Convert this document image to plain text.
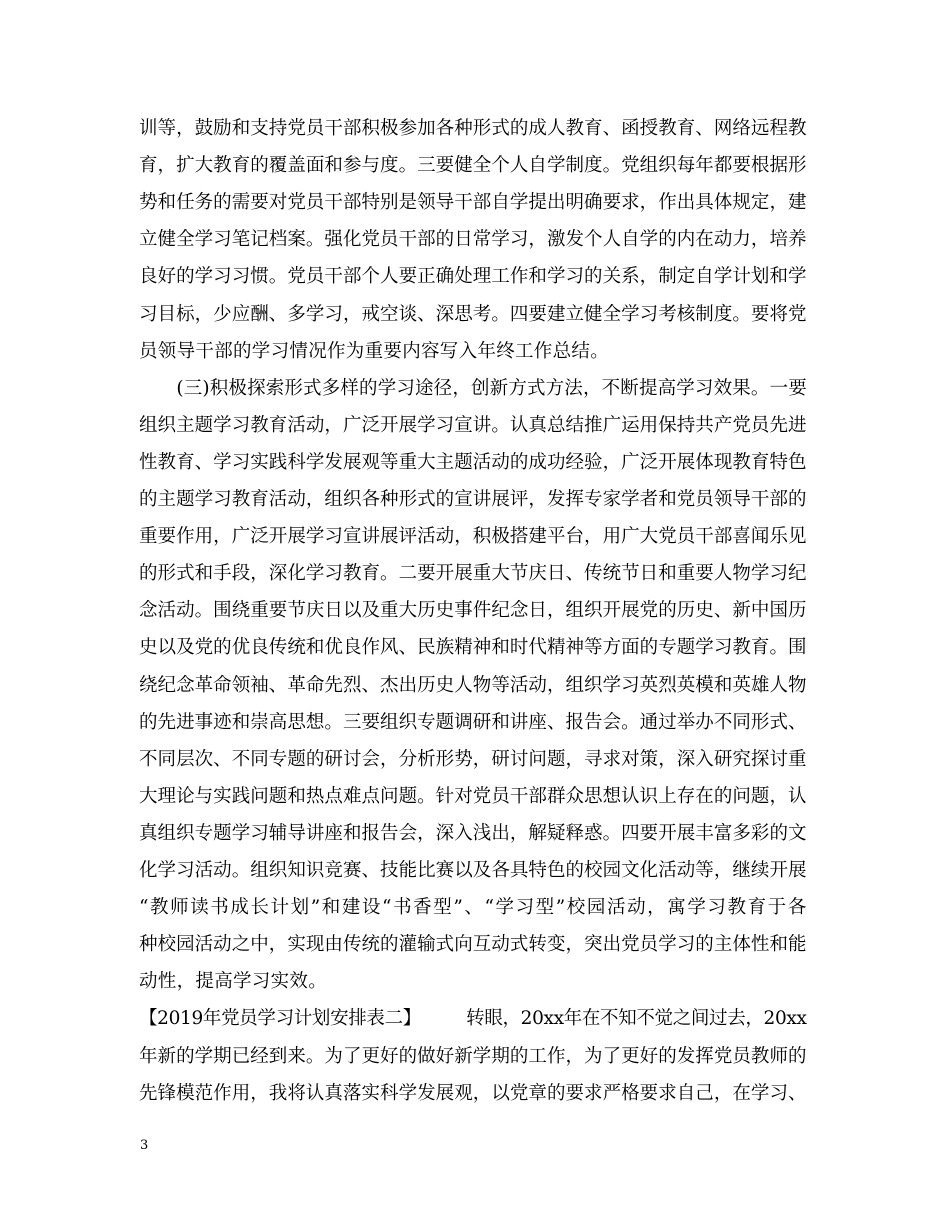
训等，鼓励和支持党员干部积极参加各种形式的成人教育、函授教育、网络远程教
育，扩大教育的覆盖面和参与度。三要健全个人自学制度。党组织每年都要根据形
势和任务的需要对党员干部特别是领导干部自学提出明确要求，作出具体规定，建
立健全学习笔记档案。强化党员干部的日常学习，激发个人自学的内在动力，培养
良好的学习习惯。党员干部个人要正确处理工作和学习的关系，制定自学计划和学
习目标，少应酬、多学习，戒空谈、深思考。四要建立健全学习考核制度。要将党
员领导干部的学习情况作为重要内容写入年终工作总结。
　　(三)积极探索形式多样的学习途径，创新方式方法，不断提高学习效果。一要
组织主题学习教育活动，广泛开展学习宣讲。认真总结推广运用保持共产党员先进
性教育、学习实践科学发展观等重大主题活动的成功经验，广泛开展体现教育特色
的主题学习教育活动，组织各种形式的宣讲展评，发挥专家学者和党员领导干部的
重要作用，广泛开展学习宣讲展评活动，积极搭建平台，用广大党员干部喜闻乐见
的形式和手段，深化学习教育。二要开展重大节庆日、传统节日和重要人物学习纪
念活动。围绕重要节庆日以及重大历史事件纪念日，组织开展党的历史、新中国历
史以及党的优良传统和优良作风、民族精神和时代精神等方面的专题学习教育。围
绕纪念革命领袖、革命先烈、杰出历史人物等活动，组织学习英烈英模和英雄人物
的先进事迹和崇高思想。三要组织专题调研和讲座、报告会。通过举办不同形式、
不同层次、不同专题的研讨会，分析形势，研讨问题，寻求对策，深入研究探讨重
大理论与实践问题和热点难点问题。针对党员干部群众思想认识上存在的问题，认
真组织专题学习辅导讲座和报告会，深入浅出，解疑释惑。四要开展丰富多彩的文
化学习活动。组织知识竞赛、技能比赛以及各具特色的校园文化活动等，继续开展
“教师读书成长计划”和建设“书香型”、“学习型”校园活动，寓学习教育于各
种校园活动之中，实现由传统的灌输式向互动式转变，突出党员学习的主体性和能
动性，提高学习实效。
【2019年党员学习计划安排表二】　　　转眼，20xx年在不知不觉之间过去，20xx
年新的学期已经到来。为了更好的做好新学期的工作，为了更好的发挥党员教师的
先锋模范作用，我将认真落实科学发展观，以党章的要求严格要求自己，在学习、
3
